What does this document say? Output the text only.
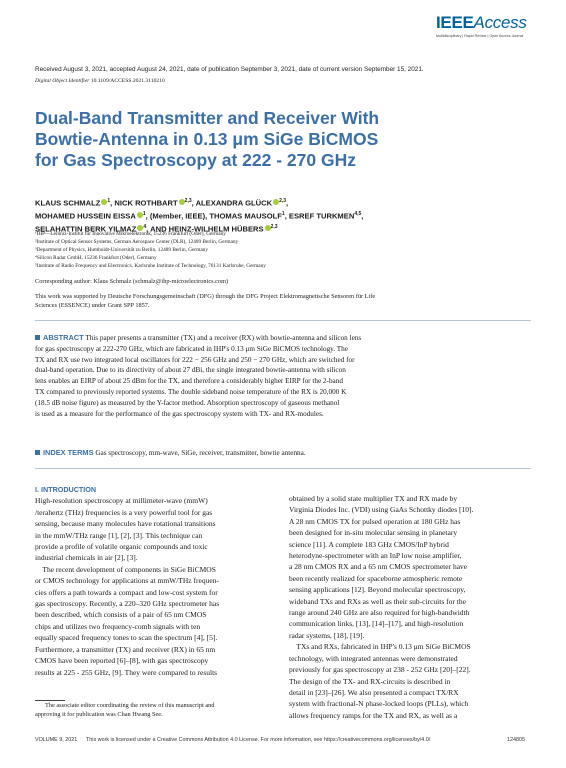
IEEEAccess
Multidisciplinary | Rapid Review | Open Access Journal
Received August 3, 2021, accepted August 24, 2021, date of publication September 3, 2021, date of current version September 15, 2021.
Digital Object Identifier 10.1109/ACCESS.2021.3110210
Dual-Band Transmitter and Receiver With
Bowtie-Antenna in 0.13 μm SiGe BiCMOS
for Gas Spectroscopy at 222 - 270 GHz
KLAUS SCHMALZ $^1$, NICK ROTHBART $^{2,3}$, ALEXANDRA GLÜCK $^{2,3}$,
MOHAMED HUSSEIN EISSA $^1$, (Member, IEEE), THOMAS MAUSOLF$^1$, ESREF TURKMEN$^{4,5}$,
SELAHATTIN BERK YILMAZ $^4$, AND HEINZ-WILHELM HÜBERS $^{2,3}$
¹IHP—Leibniz-Institut für Innovative Mikroelektronik, 15236 Frankfurt (Oder), Germany
²Institute of Optical Sensor Systems, German Aerospace Center (DLR), 12489 Berlin, Germany
³Department of Physics, Humboldt-Universität zu Berlin, 12489 Berlin, Germany
⁴Silicon Radar GmbH, 15236 Frankfurt (Oder), Germany
⁵Institute of Radio Frequency and Electronics, Karlsruhe Institute of Technology, 76131 Karlsruhe, Germany
Corresponding author: Klaus Schmalz (schmalz@ihp-microelectronics.com)
This work was supported by Deutsche Forschungsgemeinschaft (DFG) through the DFG Project Elektromagnetische Sensoren für Life
Sciences (ESSENCE) under Grant SPP 1857.
ABSTRACT This paper presents a transmitter (TX) and a receiver (RX) with bowtie-antenna and silicon lens
for gas spectroscopy at 222-270 GHz, which are fabricated in IHP's 0.13 μm SiGe BiCMOS technology. The
TX and RX use two integrated local oscillators for 222 − 256 GHz and 250 − 270 GHz, which are switched for
dual-band operation. Due to its directivity of about 27 dBi, the single integrated bowtie-antenna with silicon
lens enables an EIRP of about 25 dBm for the TX, and therefore a considerably higher EIRP for the 2-band
TX compared to previously reported systems. The double sideband noise temperature of the RX is 20,000 K
(18.5 dB noise figure) as measured by the Y-factor method. Absorption spectroscopy of gaseous methanol
is used as a measure for the performance of the gas spectroscopy system with TX- and RX-modules.
INDEX TERMS Gas spectroscopy, mm-wave, SiGe, receiver, transmitter, bowtie antenna.
I. INTRODUCTION
High-resolution spectroscopy at millimeter-wave (mmW)
/terahertz (THz) frequencies is a very powerful tool for gas
sensing, because many molecules have rotational transitions
in the mmW/THz range [1], [2], [3]. This technique can
provide a profile of volatile organic compounds and toxic
industrial chemicals in air [2], [3].
The recent development of components in SiGe BiCMOS
or CMOS technology for applications at mmW/THz frequen-
cies offers a path towards a compact and low-cost system for
gas spectroscopy. Recently, a 220–320 GHz spectrometer has
been described, which consists of a pair of 65 nm CMOS
chips and utilizes two frequency-comb signals with ten
equally spaced frequency tones to scan the spectrum [4], [5].
Furthermore, a transmitter (TX) and receiver (RX) in 65 nm
CMOS have been reported [6]–[8], with gas spectroscopy
results at 225 - 255 GHz, [9]. They were compared to results
obtained by a solid state multiplier TX and RX made by
Virginia Diodes Inc. (VDI) using GaAs Schottky diodes [10].
A 28 nm CMOS TX for pulsed operation at 180 GHz has
been designed for in-situ molecular sensing in planetary
science [11]. A complete 183 GHz CMOS/InP hybrid
heterodyne-spectrometer with an InP low noise amplifier,
a 28 nm CMOS RX and a 65 nm CMOS spectrometer have
been recently realized for spaceborne atmospheric remote
sensing applications [12]. Beyond molecular spectroscopy,
wideband TXs and RXs as well as their sub-circuits for the
range around 240 GHz are also required for high-bandwidth
communication links, [13], [14]–[17], and high-resolution
radar systems, [18], [19].
TXs and RXs, fabricated in IHP's 0.13 μm SiGe BiCMOS
technology, with integrated antennas were demonstrated
previously for gas spectroscopy at 238 - 252 GHz [20]–[22].
The design of the TX- and RX-circuits is described in
detail in [23]–[26]. We also presented a compact TX/RX
system with fractional-N phase-locked loops (PLLs), which
allows frequency ramps for the TX and RX, as well as a
The associate editor coordinating the review of this manuscript and
approving it for publication was Chan Hwang See.
VOLUME 9, 2021 This work is licensed under a Creative Commons Attribution 4.0 License. For more information, see https://creativecommons.org/licenses/by/4.0/	124805
